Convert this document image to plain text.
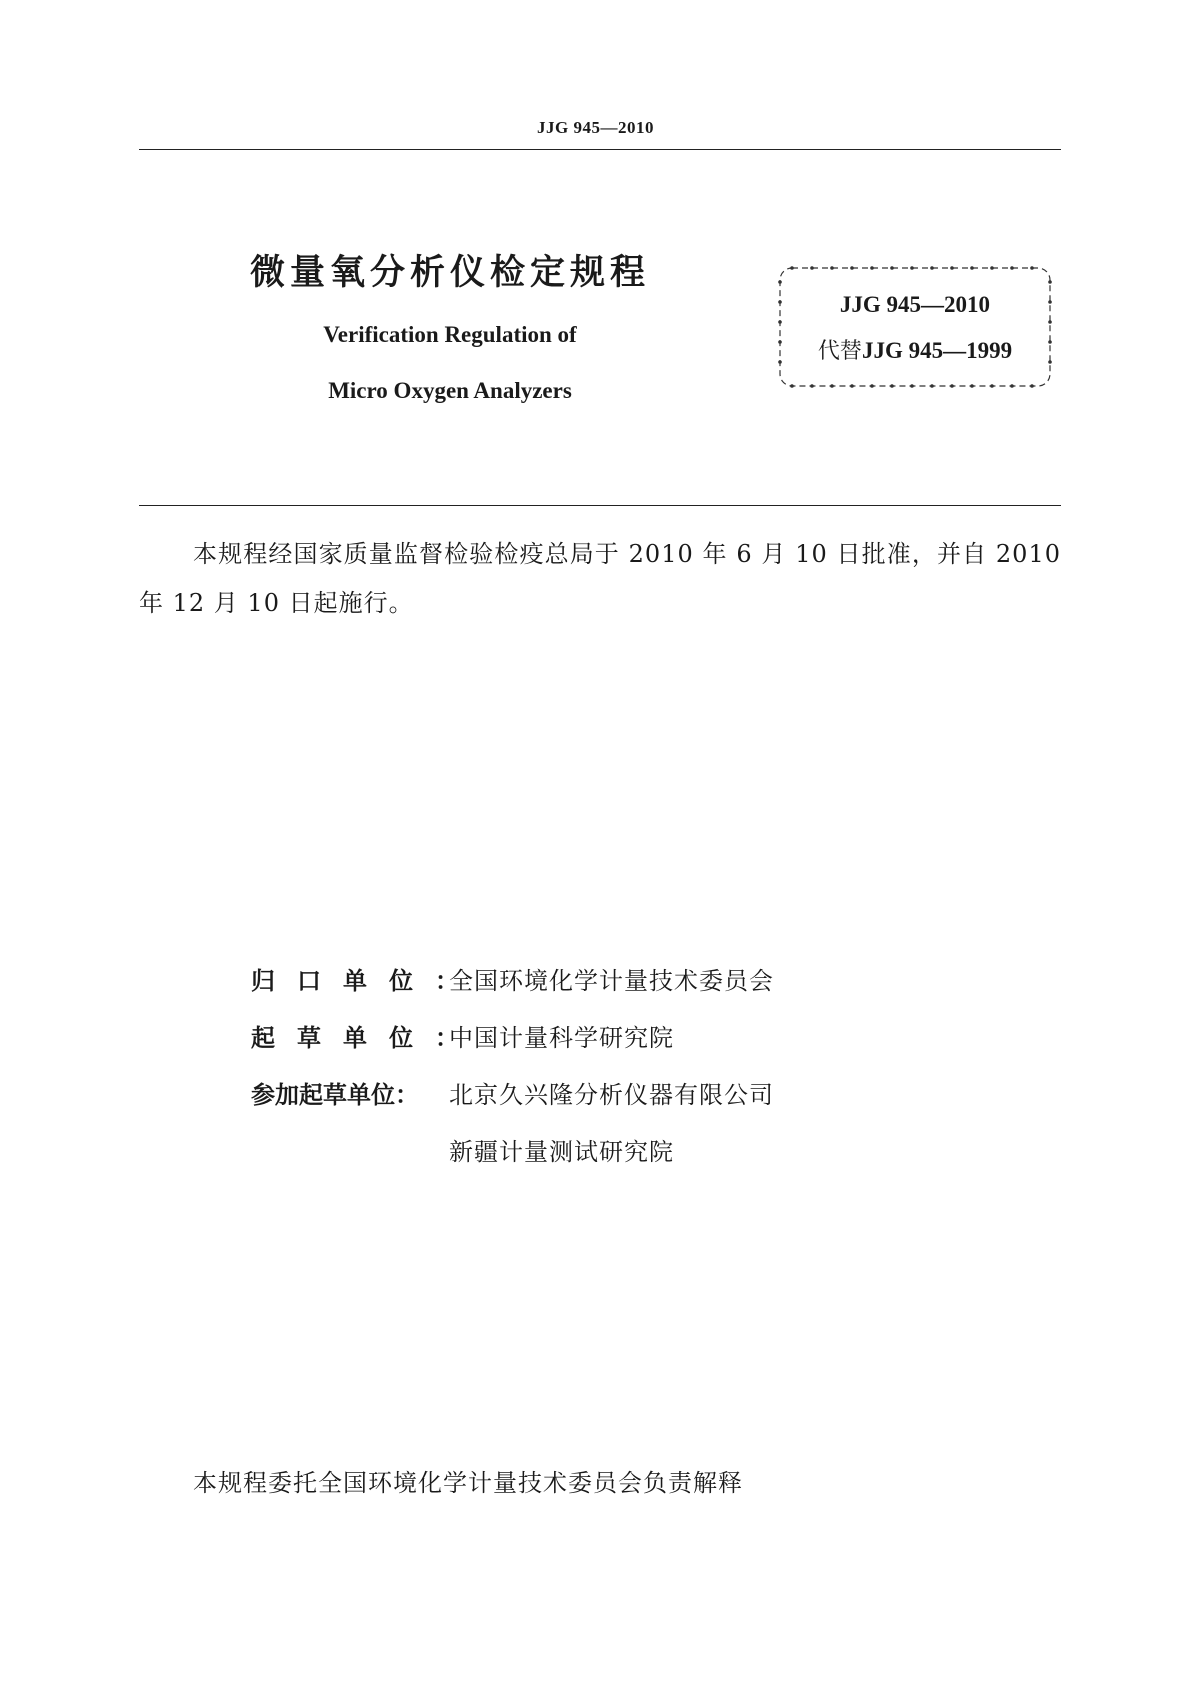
JJG 945—2010
微量氧分析仪检定规程
Verification Regulation of
Micro Oxygen Analyzers
JJG 945—2010
代替JJG 945—1999
本规程经国家质量监督检验检疫总局于 2010 年 6 月 10 日批准，并自 2010 年 12 月 10 日起施行。
归口单位：
全国环境化学计量技术委员会
起草单位：
中国计量科学研究院
参加起草单位：	北京久兴隆分析仪器有限公司
新疆计量测试研究院
本规程委托全国环境化学计量技术委员会负责解释
